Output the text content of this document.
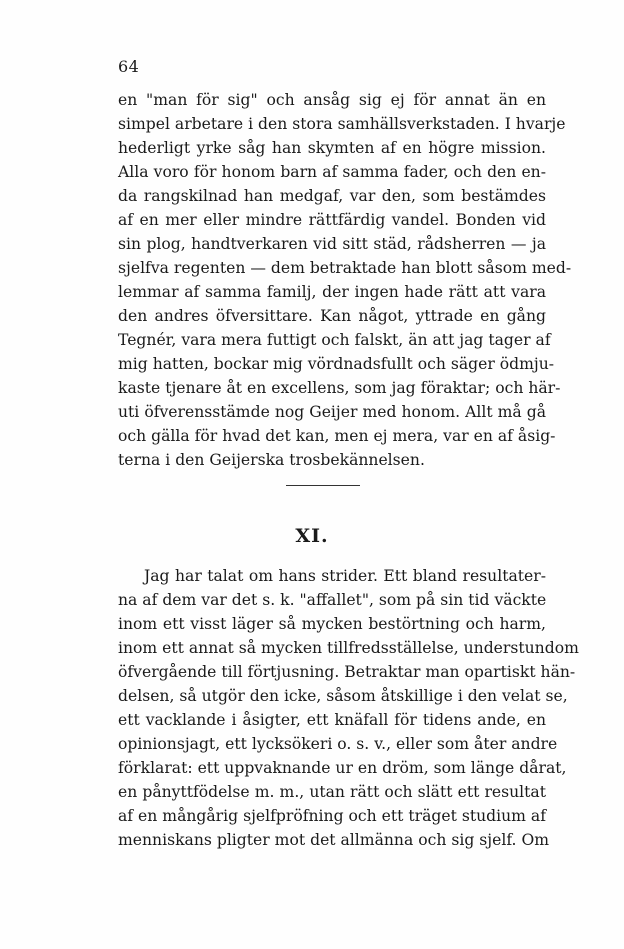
64
en "man för sig" och ansåg sig ej för annat än en
simpel arbetare i den stora samhällsverkstaden. I hvarje
hederligt yrke såg han skymten af en högre mission.
Alla voro för honom barn af samma fader, och den en-
da rangskilnad han medgaf, var den, som bestämdes
af en mer eller mindre rättfärdig vandel. Bonden vid
sin plog, handtverkaren vid sitt städ, rådsherren — ja
sjelfva regenten — dem betraktade han blott såsom med-
lemmar af samma familj, der ingen hade rätt att vara
den andres öfversittare. Kan något, yttrade en gång
Tegnér, vara mera futtigt och falskt, än att jag tager af
mig hatten, bockar mig vördnadsfullt och säger ödmju-
kaste tjenare åt en excellens, som jag föraktar; och här-
uti öfverensstämde nog Geijer med honom. Allt må gå
och gälla för hvad det kan, men ej mera, var en af åsig-
terna i den Geijerska trosbekännelsen.
XI.
Jag har talat om hans strider. Ett bland resultater-
na af dem var det s. k. "affallet", som på sin tid väckte
inom ett visst läger så mycken bestörtning och harm,
inom ett annat så mycken tillfredsställelse, understundom
öfvergående till förtjusning. Betraktar man opartiskt hän-
delsen, så utgör den icke, såsom åtskillige i den velat se,
ett vacklande i åsigter, ett knäfall för tidens ande, en
opinionsjagt, ett lycksökeri o. s. v., eller som åter andre
förklarat: ett uppvaknande ur en dröm, som länge dårat,
en pånyttfödelse m. m., utan rätt och slätt ett resultat
af en mångårig sjelfpröfning och ett träget studium af
menniskans pligter mot det allmänna och sig sjelf. Om
